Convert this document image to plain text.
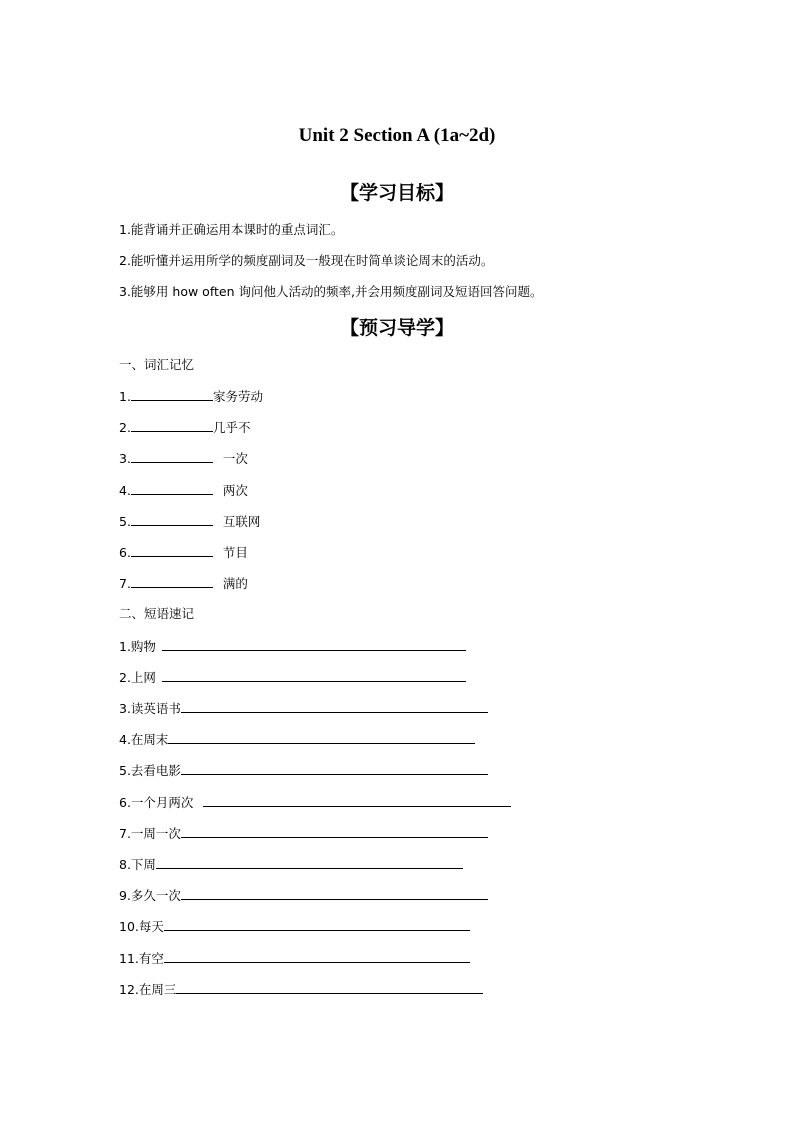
Unit 2 Section A (1a~2d)
【学习目标】
1.能背诵并正确运用本课时的重点词汇。
2.能听懂并运用所学的频度副词及一般现在时简单谈论周末的活动。
3.能够用 how often 询问他人活动的频率,并会用频度副词及短语回答问题。
【预习导学】
一、词汇记忆
1.	家务劳动
2.	几乎不
3.	一次
4.	两次
5.	互联网
6.	节目
7.	满的
二、短语速记
1.购物
2.上网
3.读英语书
4.在周末
5.去看电影
6.一个月两次
7.一周一次
8.下周
9.多久一次
10.每天
11.有空
12.在周三
